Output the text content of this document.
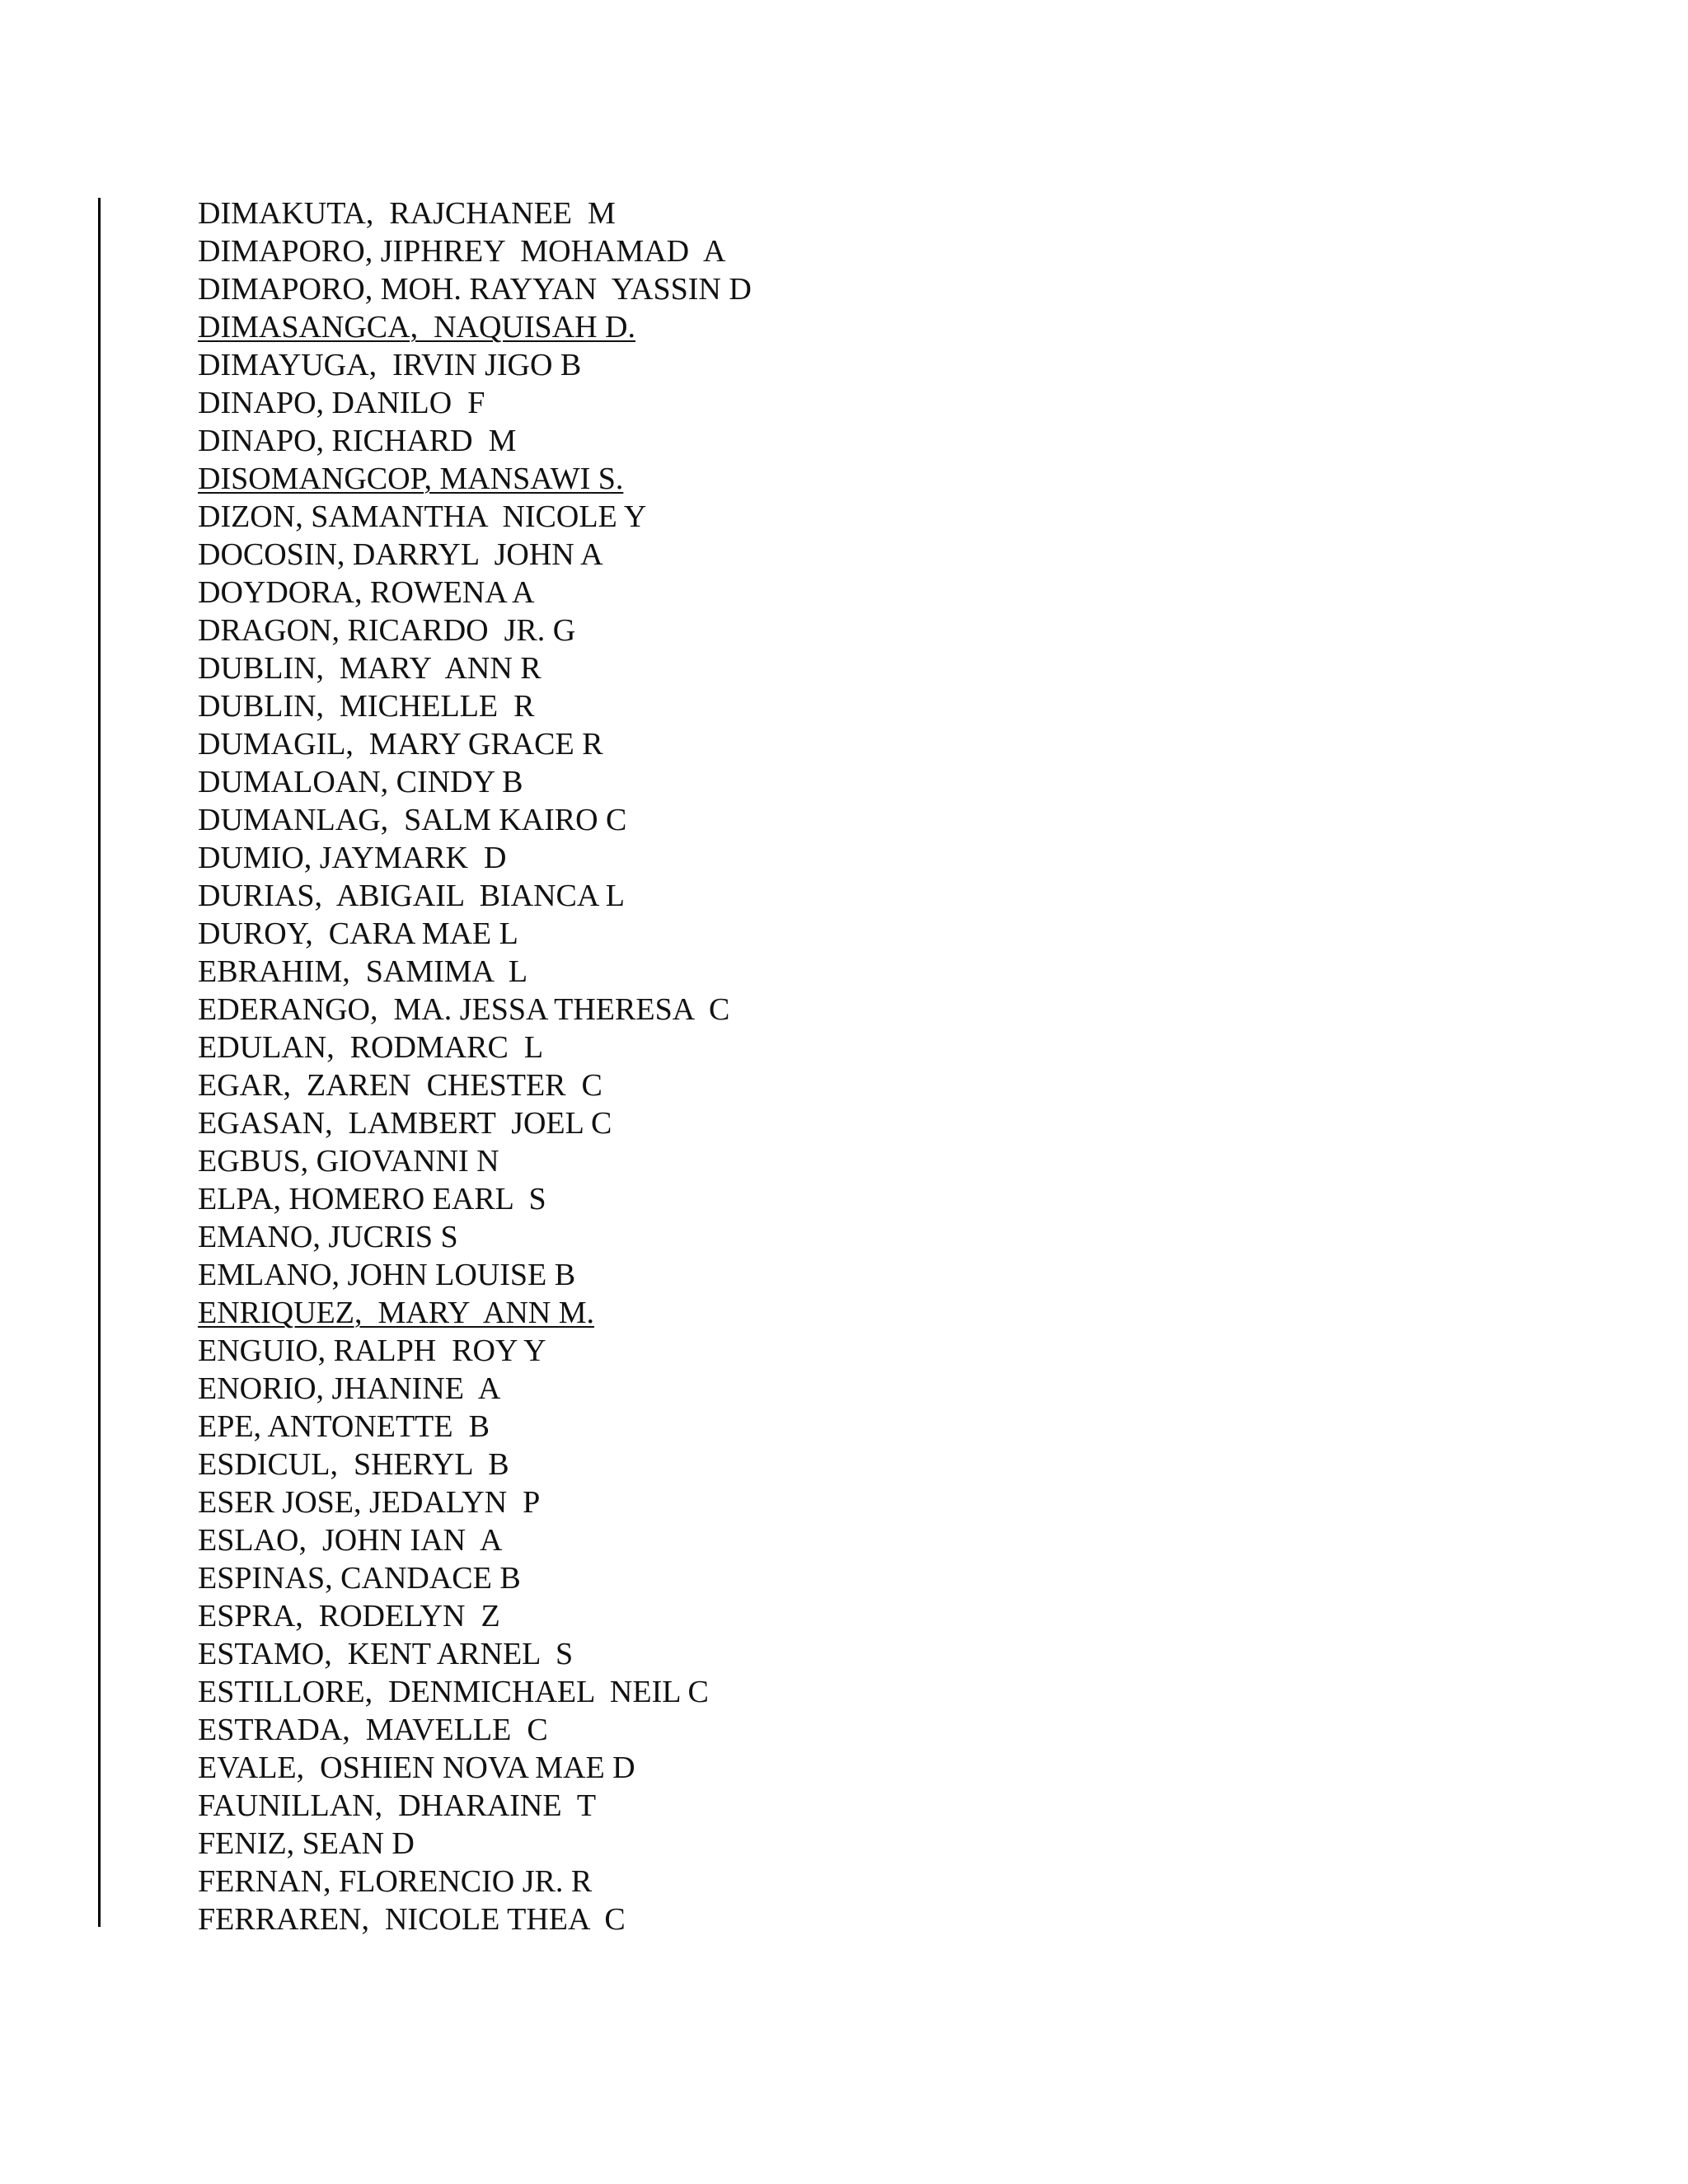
DIMAKUTA,  RAJCHANEE  M
DIMAPORO, JIPHREY  MOHAMAD  A
DIMAPORO, MOH. RAYYAN  YASSIN D
DIMASANGCA,  NAQUISAH D.
DIMAYUGA,  IRVIN JIGO B
DINAPO, DANILO  F
DINAPO, RICHARD  M
DISOMANGCOP, MANSAWI S.
DIZON, SAMANTHA  NICOLE Y
DOCOSIN, DARRYL  JOHN A
DOYDORA, ROWENA A
DRAGON, RICARDO  JR. G
DUBLIN,  MARY  ANN R
DUBLIN,  MICHELLE  R
DUMAGIL,  MARY GRACE R
DUMALOAN, CINDY B
DUMANLAG,  SALM KAIRO C
DUMIO, JAYMARK  D
DURIAS,  ABIGAIL  BIANCA L
DUROY,  CARA MAE L
EBRAHIM,  SAMIMA  L
EDERANGO,  MA. JESSA THERESA  C
EDULAN,  RODMARC  L
EGAR,  ZAREN  CHESTER  C
EGASAN,  LAMBERT  JOEL C
EGBUS, GIOVANNI N
ELPA, HOMERO EARL  S
EMANO, JUCRIS S
EMLANO, JOHN LOUISE B
ENRIQUEZ,  MARY  ANN M.
ENGUIO, RALPH  ROY Y
ENORIO, JHANINE  A
EPE, ANTONETTE  B
ESDICUL,  SHERYL  B
ESER JOSE, JEDALYN  P
ESLAO,  JOHN IAN  A
ESPINAS, CANDACE B
ESPRA,  RODELYN  Z
ESTAMO,  KENT ARNEL  S
ESTILLORE,  DENMICHAEL  NEIL C
ESTRADA,  MAVELLE  C
EVALE,  OSHIEN NOVA MAE D
FAUNILLAN,  DHARAINE  T
FENIZ, SEAN D
FERNAN, FLORENCIO JR. R
FERRAREN,  NICOLE THEA  C
